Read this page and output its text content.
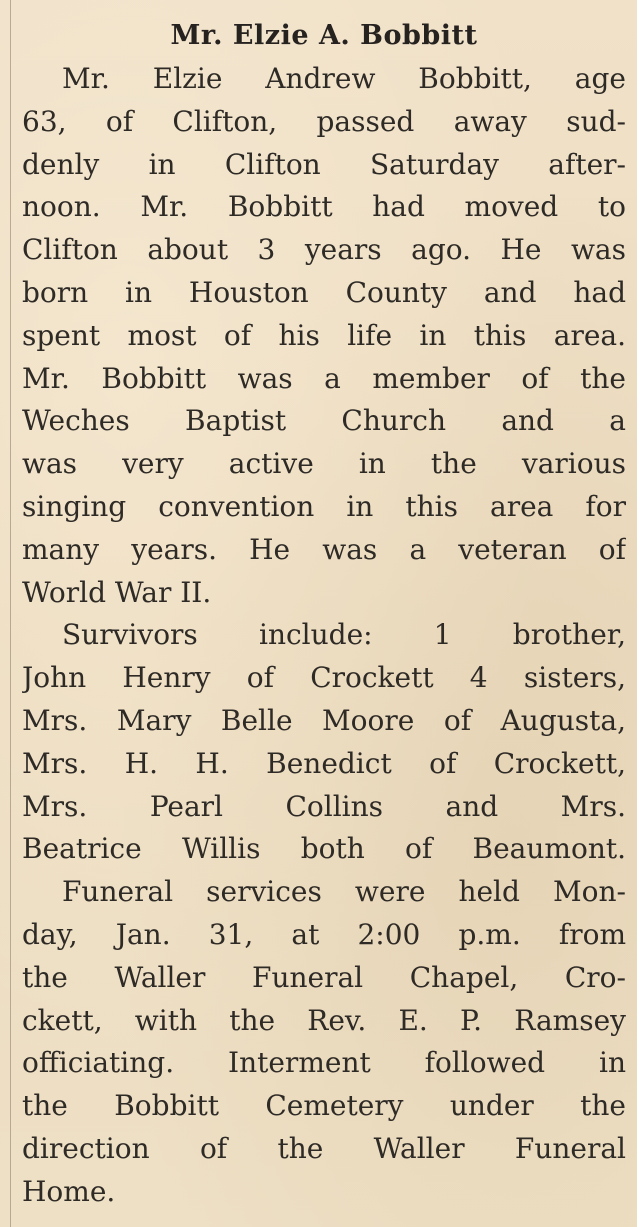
Mr. Elzie A. Bobbitt
Mr. Elzie Andrew Bobbitt, age
63, of Clifton, passed away sud-
denly in Clifton Saturday after-
noon. Mr. Bobbitt had moved to
Clifton about 3 years ago. He was
born in Houston County and had
spent most of his life in this area.
Mr. Bobbitt was a member of the
Weches Baptist Church and a
was very active in the various
singing convention in this area for
many years. He was a veteran of
World War II.
Survivors include: 1 brother,
John Henry of Crockett 4 sisters,
Mrs. Mary Belle Moore of Augusta,
Mrs. H. H. Benedict of Crockett,
Mrs. Pearl Collins and Mrs.
Beatrice Willis both of Beaumont.
Funeral services were held Mon-
day, Jan. 31, at 2:00 p.m. from
the Waller Funeral Chapel, Cro-
ckett, with the Rev. E. P. Ramsey
officiating. Interment followed in
the Bobbitt Cemetery under the
direction of the Waller Funeral
Home.
